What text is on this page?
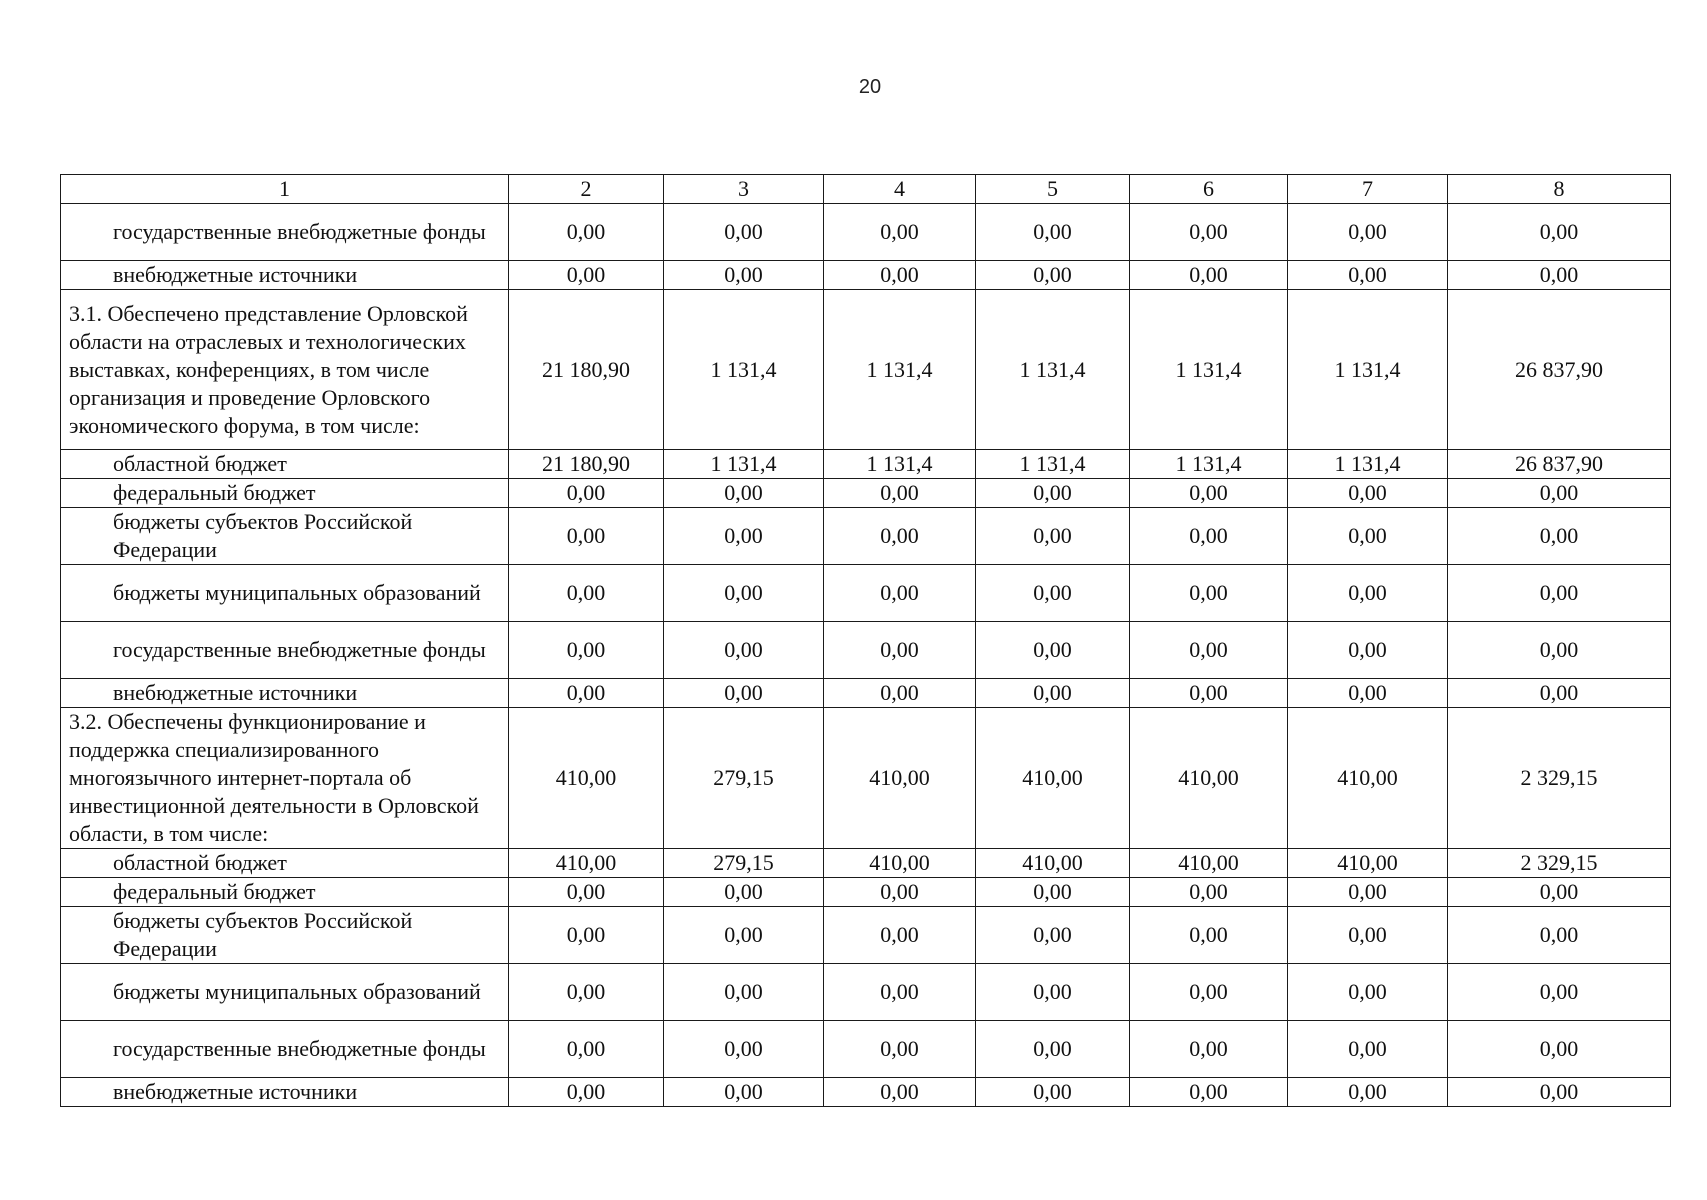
20
1	2	3	4	5	6	7	8
государственные внебюджетные фонды	0,00	0,00	0,00	0,00	0,00	0,00	0,00
внебюджетные источники	0,00	0,00	0,00	0,00	0,00	0,00	0,00
3.1. Обеспечено представление Орловской области на отраслевых и технологических выставках, конференциях, в том числе организация и проведение Орловского экономического форума, в том числе:	21 180,90	1 131,4	1 131,4	1 131,4	1 131,4	1 131,4	26 837,90
областной бюджет	21 180,90	1 131,4	1 131,4	1 131,4	1 131,4	1 131,4	26 837,90
федеральный бюджет	0,00	0,00	0,00	0,00	0,00	0,00	0,00
бюджеты субъектов Российской Федерации	0,00	0,00	0,00	0,00	0,00	0,00	0,00
бюджеты муниципальных образований	0,00	0,00	0,00	0,00	0,00	0,00	0,00
государственные внебюджетные фонды	0,00	0,00	0,00	0,00	0,00	0,00	0,00
внебюджетные источники	0,00	0,00	0,00	0,00	0,00	0,00	0,00
3.2. Обеспечены функционирование и поддержка специализированного многоязычного интернет-портала об инвестиционной деятельности в Орловской области, в том числе:	410,00	279,15	410,00	410,00	410,00	410,00	2 329,15
областной бюджет	410,00	279,15	410,00	410,00	410,00	410,00	2 329,15
федеральный бюджет	0,00	0,00	0,00	0,00	0,00	0,00	0,00
бюджеты субъектов Российской Федерации	0,00	0,00	0,00	0,00	0,00	0,00	0,00
бюджеты муниципальных образований	0,00	0,00	0,00	0,00	0,00	0,00	0,00
государственные внебюджетные фонды	0,00	0,00	0,00	0,00	0,00	0,00	0,00
внебюджетные источники	0,00	0,00	0,00	0,00	0,00	0,00	0,00
